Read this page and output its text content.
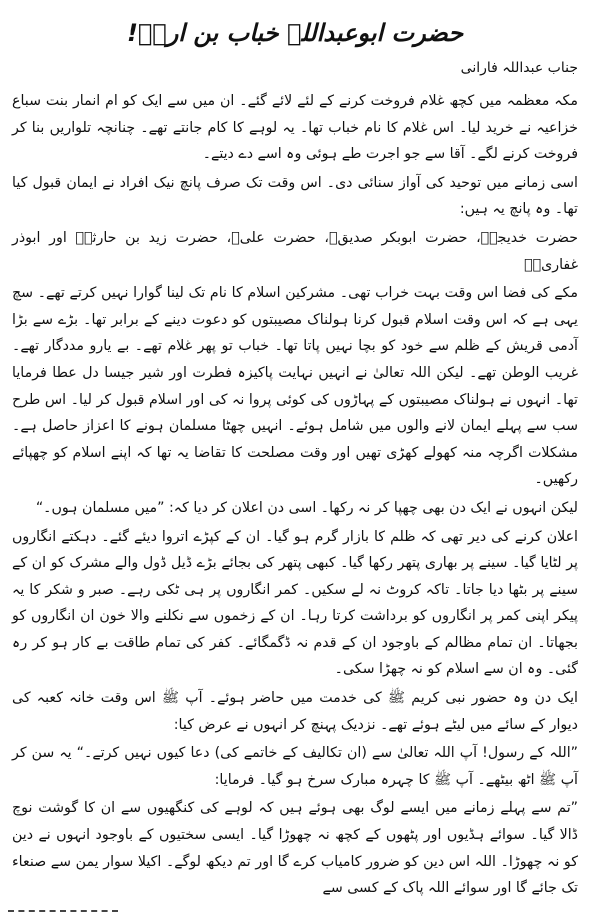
حضرت ابوعبداللہ خباب بن ارتؓ!
جناب عبداللہ فارانی

مکہ معظمہ میں کچھ غلام فروخت کرنے کے لئے لائے گئے۔ ان میں سے ایک کو ام انمار بنت سباع خزاعیہ نے خرید لیا۔ اس غلام کا نام خباب تھا۔ یہ لوہے کا کام جانتے تھے۔ چنانچہ تلواریں بنا کر فروخت کرنے لگے۔ آقا سے جو اجرت طے ہوئی وہ اسے دے دیتے۔

اسی زمانے میں توحید کی آواز سنائی دی۔ اس وقت تک صرف پانچ نیک افراد نے ایمان قبول کیا تھا۔ وہ پانچ یہ ہیں:

حضرت خدیجہؓ، حضرت ابوبکر صدیقؓ، حضرت علیؓ، حضرت زید بن حارثہؓ اور ابوذر غفاریؓ۔

مکے کی فضا اس وقت بہت خراب تھی۔ مشرکین اسلام کا نام تک لینا گوارا نہیں کرتے تھے۔ سچ یہی ہے کہ اس وقت اسلام قبول کرنا ہولناک مصیبتوں کو دعوت دینے کے برابر تھا۔ بڑے سے بڑا آدمی قریش کے ظلم سے خود کو بچا نہیں پاتا تھا۔ خباب تو پھر غلام تھے۔ بے یارو مددگار تھے۔ غریب الوطن تھے۔ لیکن اللہ تعالیٰ نے انہیں نہایت پاکیزہ فطرت اور شیر جیسا دل عطا فرمایا تھا۔ انہوں نے ہولناک مصیبتوں کے پہاڑوں کی کوئی پروا نہ کی اور اسلام قبول کر لیا۔ اس طرح سب سے پہلے ایمان لانے والوں میں شامل ہوئے۔ انہیں چھٹا مسلمان ہونے کا اعزاز حاصل ہے۔ مشکلات اگرچہ منہ کھولے کھڑی تھیں اور وقت مصلحت کا تقاضا یہ تھا کہ اپنے اسلام کو چھپائے رکھیں۔

لیکن انہوں نے ایک دن بھی چھپا کر نہ رکھا۔ اسی دن اعلان کر دیا کہ: ”میں مسلمان ہوں۔“

اعلان کرنے کی دیر تھی کہ ظلم کا بازار گرم ہو گیا۔ ان کے کپڑے اتروا دیئے گئے۔ دہکتے انگاروں پر لٹایا گیا۔ سینے پر بھاری پتھر رکھا گیا۔ کبھی پتھر کی بجائے بڑے ڈیل ڈول والے مشرک کو ان کے سینے پر بٹھا دیا جاتا۔ تاکہ کروٹ نہ لے سکیں۔ کمر انگاروں پر ہی ٹکی رہے۔ صبر و شکر کا یہ پیکر اپنی کمر پر انگاروں کو برداشت کرتا رہا۔ ان کے زخموں سے نکلنے والا خون ان انگاروں کو بجھاتا۔ ان تمام مظالم کے باوجود ان کے قدم نہ ڈگمگائے۔ کفر کی تمام طاقت بے کار ہو کر رہ گئی۔ وہ ان سے اسلام کو نہ چھڑا سکی۔

ایک دن وہ حضور نبی کریم ﷺ کی خدمت میں حاضر ہوئے۔ آپ ﷺ اس وقت خانہ کعبہ کی دیوار کے سائے میں لیٹے ہوئے تھے۔ نزدیک پہنچ کر انہوں نے عرض کیا:

”اللہ کے رسول! آپ اللہ تعالیٰ سے (ان تکالیف کے خاتمے کی) دعا کیوں نہیں کرتے۔“ یہ سن کر آپ ﷺ اٹھ بیٹھے۔ آپ ﷺ کا چہرہ مبارک سرخ ہو گیا۔ فرمایا:

”تم سے پہلے زمانے میں ایسے لوگ بھی ہوئے ہیں کہ لوہے کی کنگھیوں سے ان کا گوشت نوچ ڈالا گیا۔ سوائے ہڈیوں اور پٹھوں کے کچھ نہ چھوڑا گیا۔ ایسی سختیوں کے باوجود انہوں نے دین کو نہ چھوڑا۔ اللہ اس دین کو ضرور کامیاب کرے گا اور تم دیکھ لوگے۔ اکیلا سوار یمن سے صنعاء تک جائے گا اور سوائے اللہ پاک کے کسی سے
